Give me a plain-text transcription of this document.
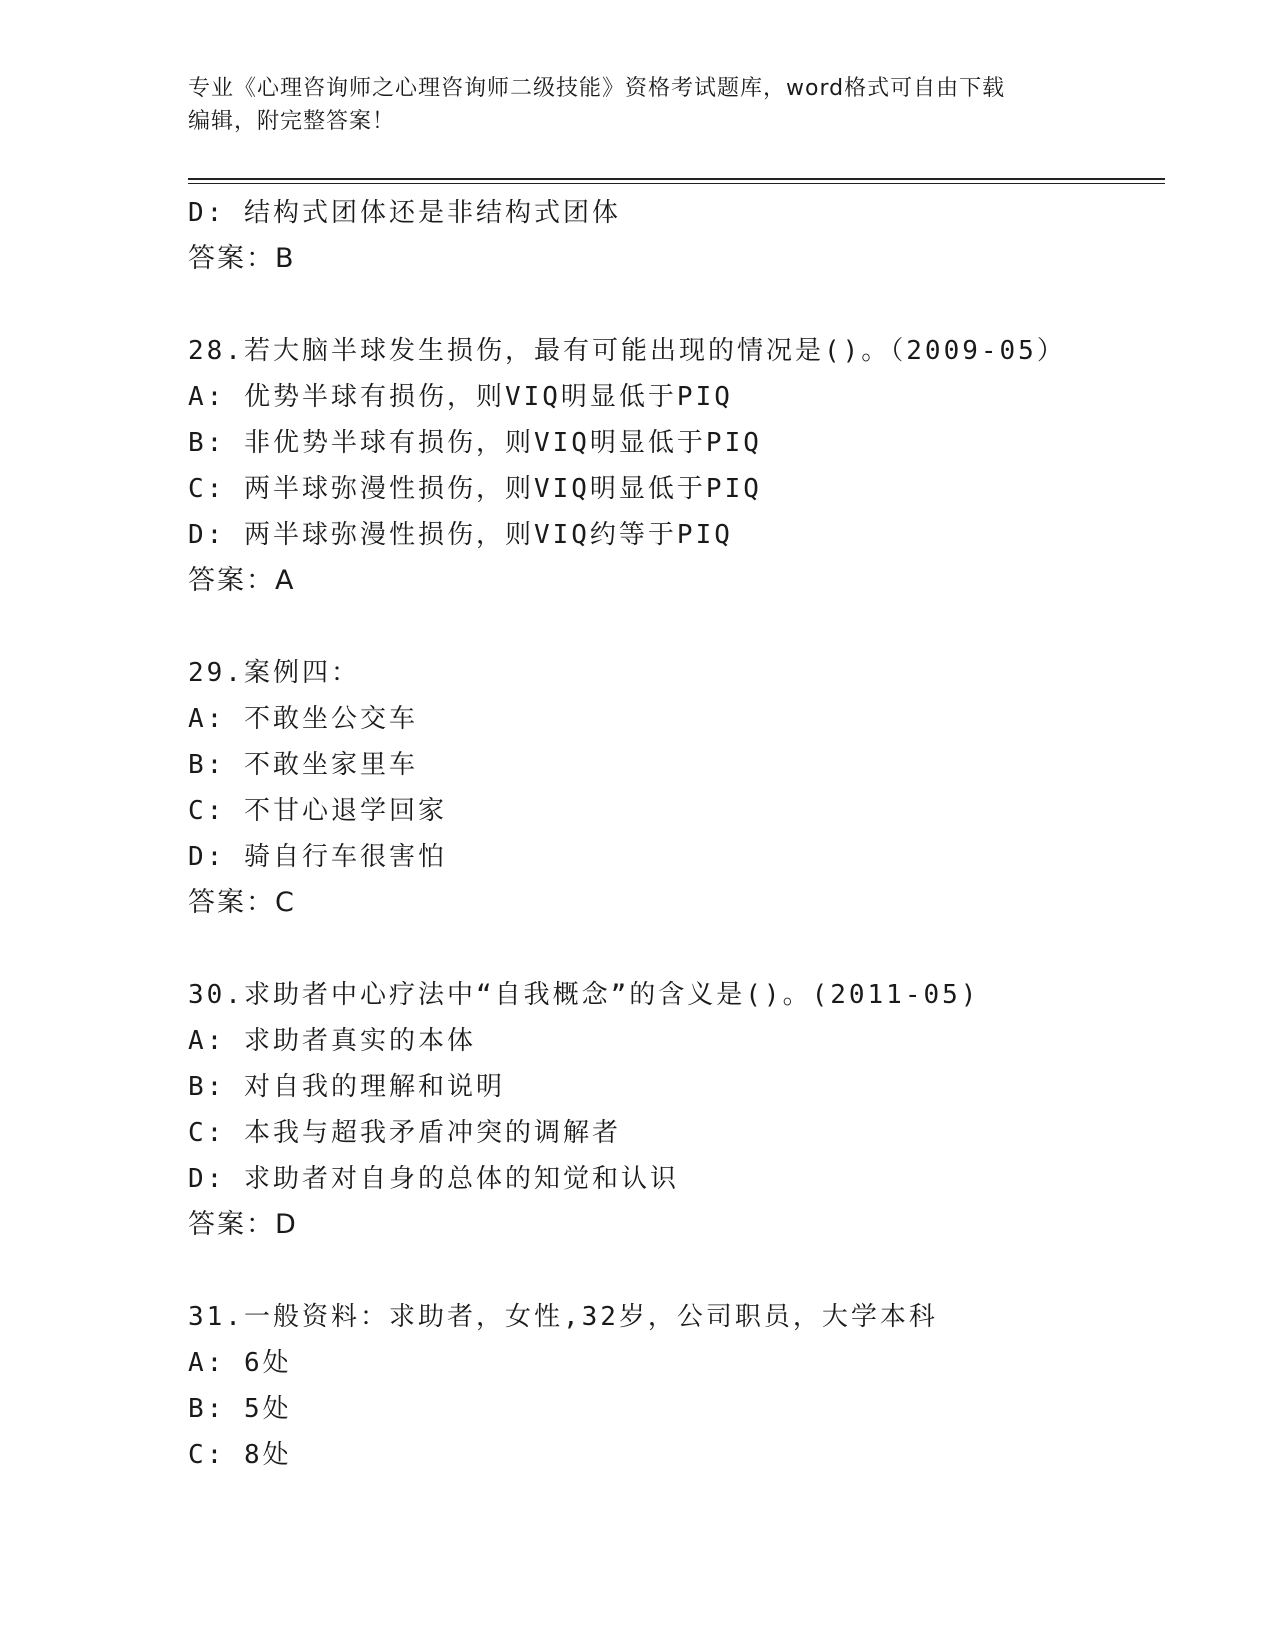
专业《心理咨询师之心理咨询师二级技能》资格考试题库，word格式可自由下载
编辑，附完整答案！
D: 结构式团体还是非结构式团体
答案：B
28.若大脑半球发生损伤，最有可能出现的情况是()。（2009-05）
A: 优势半球有损伤，则VIQ明显低于PIQ
B: 非优势半球有损伤，则VIQ明显低于PIQ
C: 两半球弥漫性损伤，则VIQ明显低于PIQ
D: 两半球弥漫性损伤，则VIQ约等于PIQ
答案：A
29.案例四：
A: 不敢坐公交车
B: 不敢坐家里车
C: 不甘心退学回家
D: 骑自行车很害怕
答案：C
30.求助者中心疗法中“自我概念”的含义是()。(2011-05)
A: 求助者真实的本体
B: 对自我的理解和说明
C: 本我与超我矛盾冲突的调解者
D: 求助者对自身的总体的知觉和认识
答案：D
31.一般资料：求助者，女性,32岁，公司职员，大学本科
A: 6处
B: 5处
C: 8处
